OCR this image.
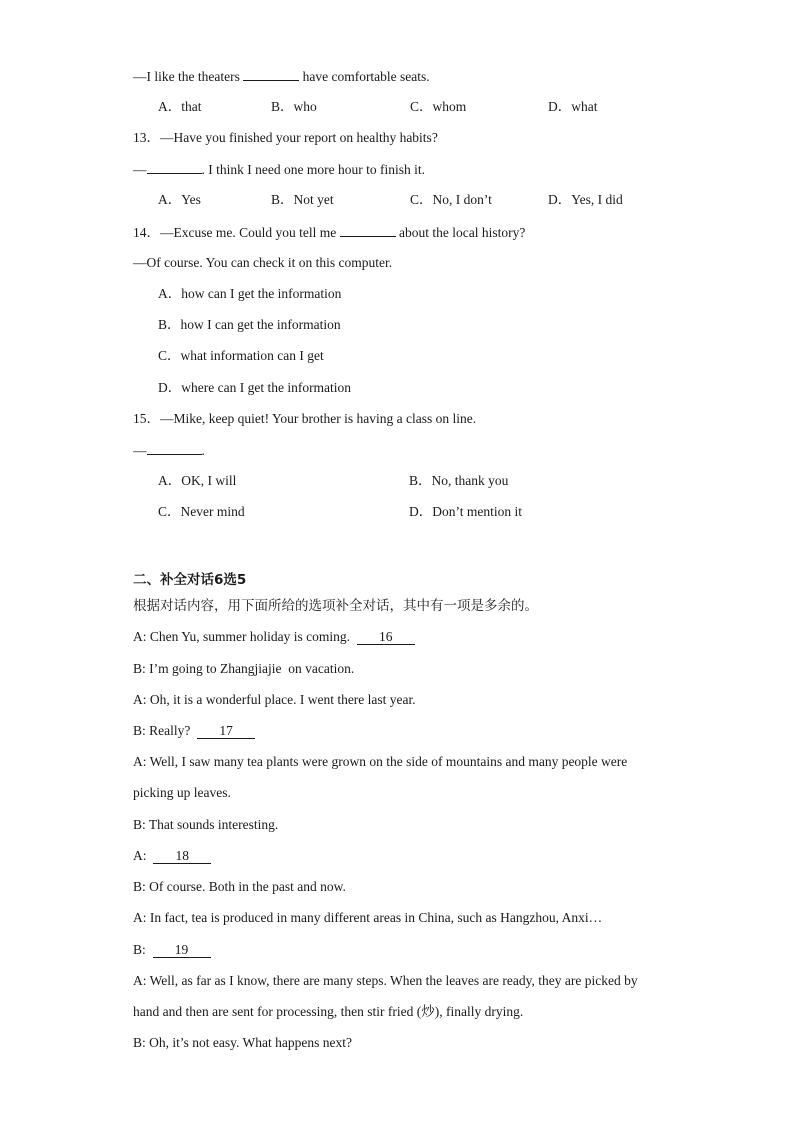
—I like the theaters	have comfortable seats.
A．that	B．who	C．whom	D．what
13．—Have you finished your report on healthy habits?
—	. I think I need one more hour to finish it.
A．Yes	B．Not yet	C．No, I don’t	D．Yes, I did
14．—Excuse me. Could you tell me	about the local history?
—Of course. You can check it on this computer.
A．how can I get the information
B．how I can get the information
C．what information can I get
D．where can I get the information
15．—Mike, keep quiet! Your brother is having a class on line.
—	.
A．OK, I will	B．No, thank you
C．Never mind	D．Don’t mention it
二、补全对话6选5
根据对话内容，用下面所给的选项补全对话，其中有一项是多余的。
A: Chen Yu, summer holiday is coming.  16
B: I’m going to Zhangjiajie  on vacation.
A: Oh, it is a wonderful place. I went there last year.
B: Really?  17
A: Well, I saw many tea plants were grown on the side of mountains and many people were
picking up leaves.
B: That sounds interesting.
A:  18
B: Of course. Both in the past and now.
A: In fact, tea is produced in many different areas in China, such as Hangzhou, Anxi…
B:  19
A: Well, as far as I know, there are many steps. When the leaves are ready, they are picked by
hand and then are sent for processing, then stir fried (炒), finally drying.
B: Oh, it’s not easy. What happens next?
